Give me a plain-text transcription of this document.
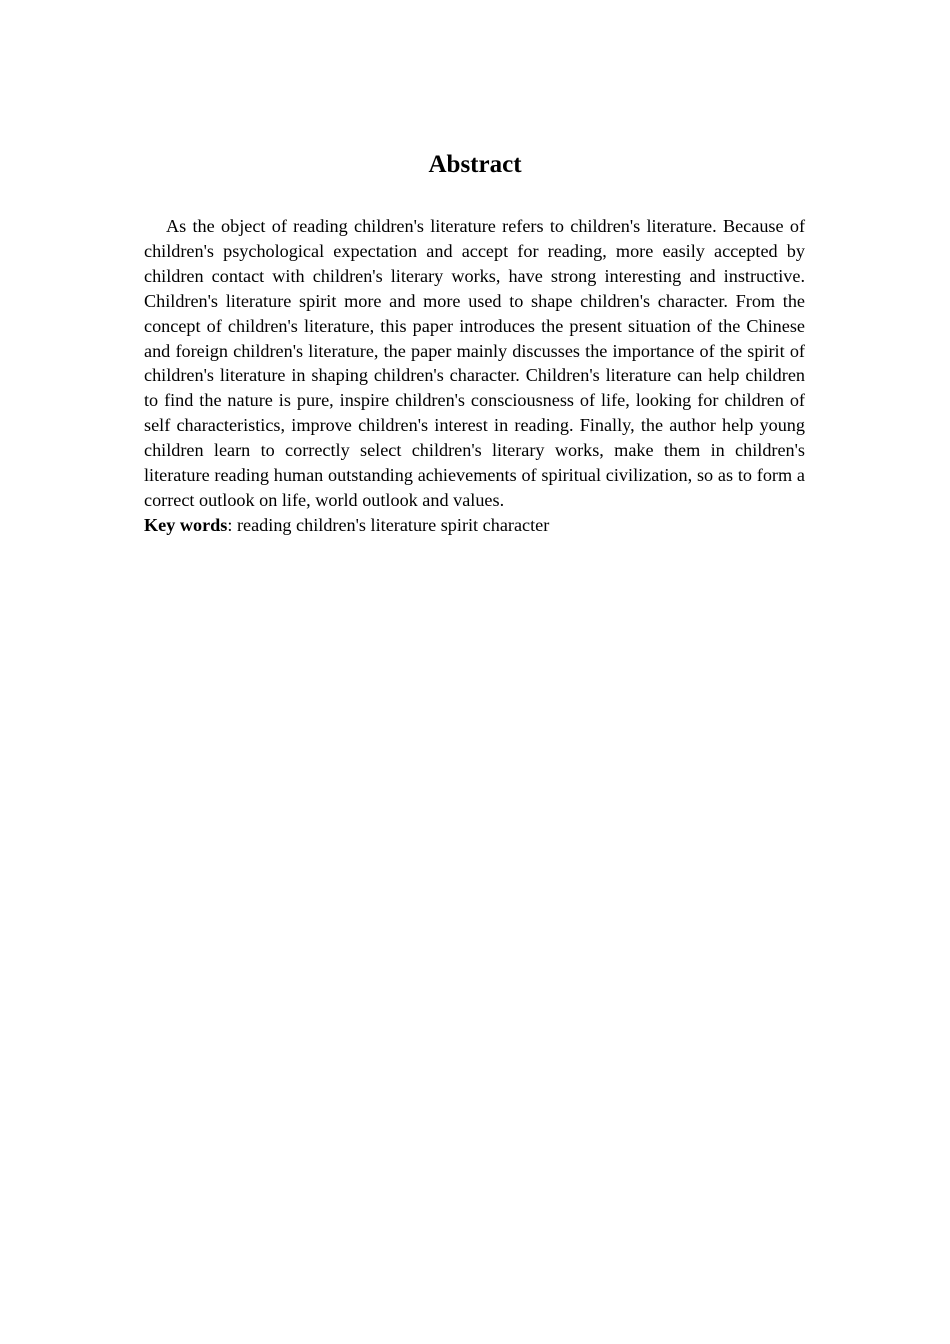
Abstract

As the object of reading children's literature refers to children's literature. Because of children's psychological expectation and accept for reading, more easily accepted by children contact with children's literary works, have strong interesting and instructive. Children's literature spirit more and more used to shape children's character. From the concept of children's literature, this paper introduces the present situation of the Chinese and foreign children's literature, the paper mainly discusses the importance of the spirit of children's literature in shaping children's character. Children's literature can help children to find the nature is pure, inspire children's consciousness of life, looking for children of self characteristics, improve children's interest in reading. Finally, the author help young children learn to correctly select children's literary works, make them in children's literature reading human outstanding achievements of spiritual civilization, so as to form a correct outlook on life, world outlook and values.

Key words: reading children's literature spirit character
